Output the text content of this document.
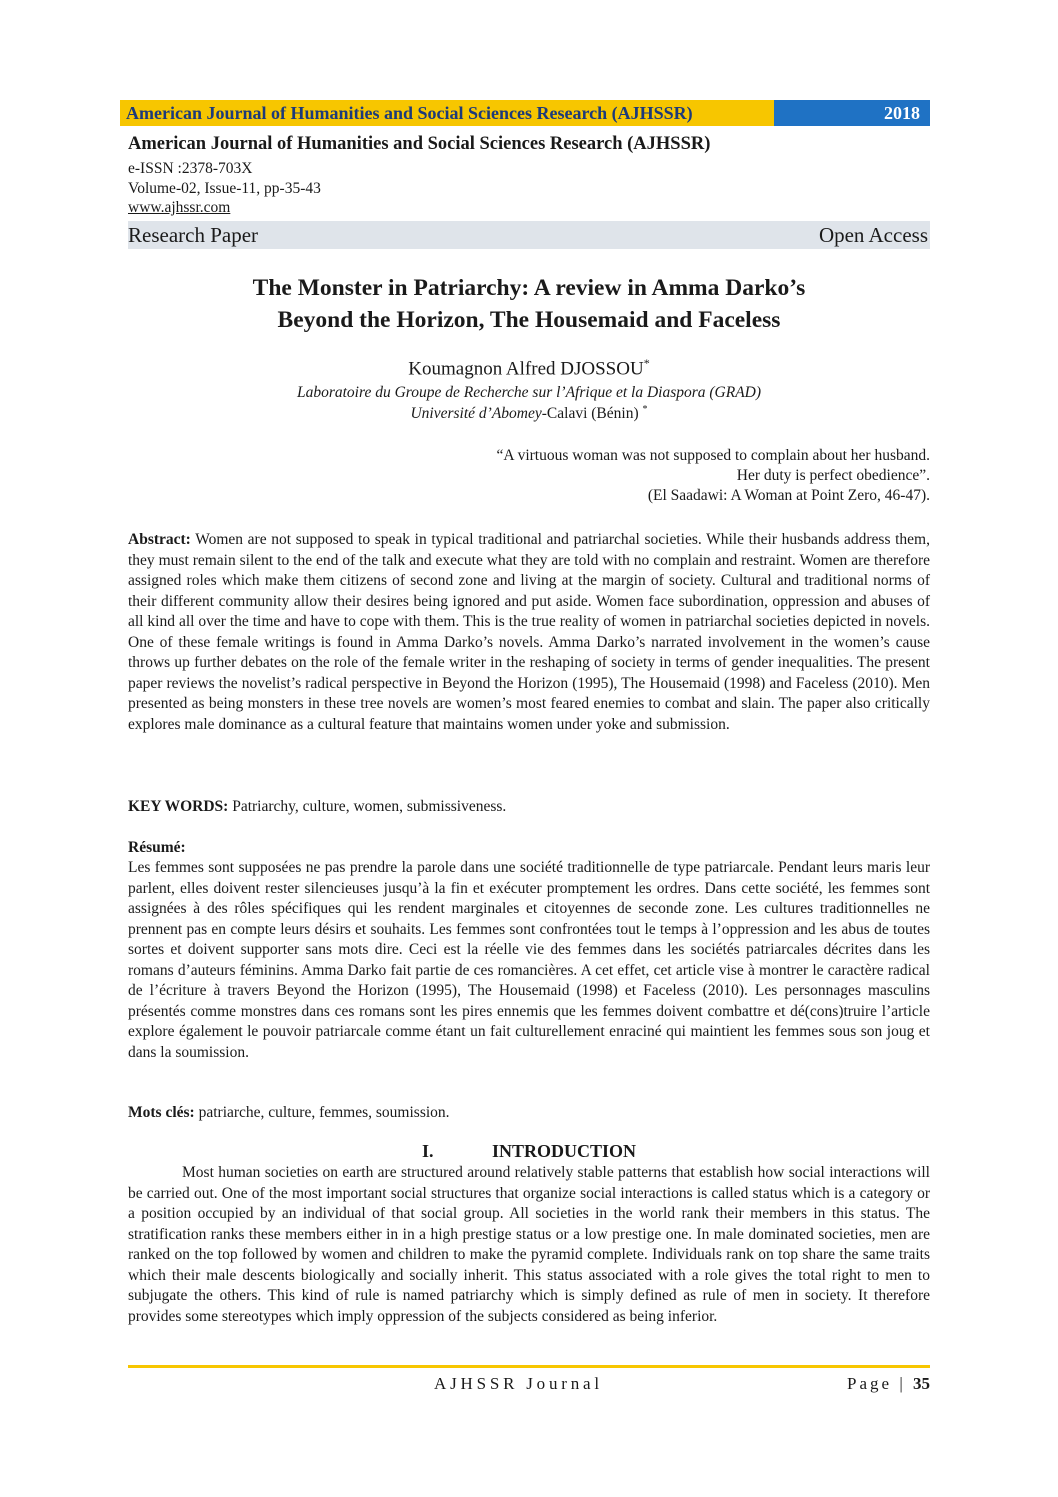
American Journal of Humanities and Social Sciences Research (AJHSSR)	2018
American Journal of Humanities and Social Sciences Research (AJHSSR)
e-ISSN :2378-703X
Volume-02, Issue-11, pp-35-43
www.ajhssr.com
Research Paper	Open Access
The Monster in Patriarchy: A review in Amma Darko’s
Beyond the Horizon, The Housemaid and Faceless
Koumagnon Alfred DJOSSOU*
Laboratoire du Groupe de Recherche sur l’Afrique et la Diaspora (GRAD)
Université d’Abomey-Calavi (Bénin) *
“A virtuous woman was not supposed to complain about her husband.
Her duty is perfect obedience”.
(El Saadawi: A Woman at Point Zero, 46-47).
Abstract: Women are not supposed to speak in typical traditional and patriarchal societies. While their husbands address them, they must remain silent to the end of the talk and execute what they are told with no complain and restraint. Women are therefore assigned roles which make them citizens of second zone and living at the margin of society. Cultural and traditional norms of their different community allow their desires being ignored and put aside. Women face subordination, oppression and abuses of all kind all over the time and have to cope with them. This is the true reality of women in patriarchal societies depicted in novels. One of these female writings is found in Amma Darko’s novels. Amma Darko’s narrated involvement in the women’s cause throws up further debates on the role of the female writer in the reshaping of society in terms of gender inequalities. The present paper reviews the novelist’s radical perspective in Beyond the Horizon (1995), The Housemaid (1998) and Faceless (2010). Men presented as being monsters in these tree novels are women’s most feared enemies to combat and slain. The paper also critically explores male dominance as a cultural feature that maintains women under yoke and submission.
KEY WORDS: Patriarchy, culture, women, submissiveness.
Résumé:
Les femmes sont supposées ne pas prendre la parole dans une société traditionnelle de type patriarcale. Pendant leurs maris leur parlent, elles doivent rester silencieuses jusqu’à la fin et exécuter promptement les ordres. Dans cette société, les femmes sont assignées à des rôles spécifiques qui les rendent marginales et citoyennes de seconde zone. Les cultures traditionnelles ne prennent pas en compte leurs désirs et souhaits. Les femmes sont confrontées tout le temps à l’oppression and les abus de toutes sortes et doivent supporter sans mots dire. Ceci est la réelle vie des femmes dans les sociétés patriarcales décrites dans les romans d’auteurs féminins. Amma Darko fait partie de ces romancières. A cet effet, cet article vise à montrer le caractère radical de l’écriture à travers Beyond the Horizon (1995), The Housemaid (1998) et Faceless (2010). Les personnages masculins présentés comme monstres dans ces romans sont les pires ennemis que les femmes doivent combattre et dé(cons)truire l’article explore également le pouvoir patriarcale comme étant un fait culturellement enraciné qui maintient les femmes sous son joug et dans la soumission.
Mots clés: patriarche, culture, femmes, soumission.
I.	INTRODUCTION
Most human societies on earth are structured around relatively stable patterns that establish how social interactions will be carried out. One of the most important social structures that organize social interactions is called status which is a category or a position occupied by an individual of that social group. All societies in the world rank their members in this status. The stratification ranks these members either in in a high prestige status or a low prestige one. In male dominated societies, men are ranked on the top followed by women and children to make the pyramid complete. Individuals rank on top share the same traits which their male descents biologically and socially inherit. This status associated with a role gives the total right to men to subjugate the others. This kind of rule is named patriarchy which is simply defined as rule of men in society. It therefore provides some stereotypes which imply oppression of the subjects considered as being inferior.
AJHSSR Journal	Page | 35
